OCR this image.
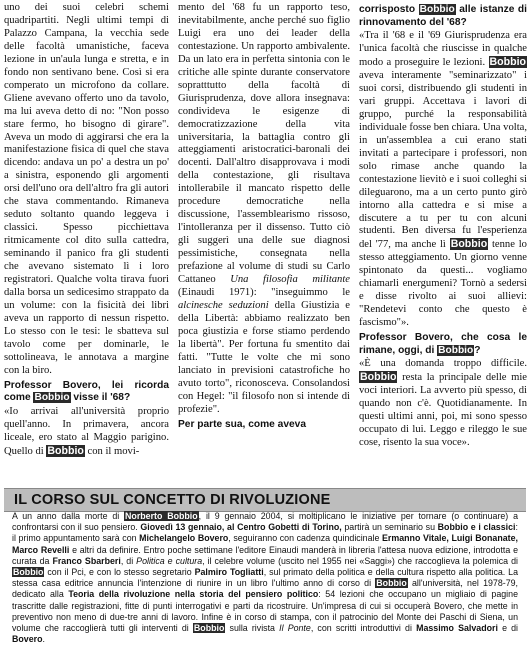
uno dei suoi celebri schemi quadripartiti. Negli ultimi tempi di Palazzo Campana, la vecchia sede delle facoltà umanistiche, faceva lezione in un'aula lunga e stretta, e in fondo non sentivano bene. Così si era comperato un microfono da collare. Gliene avevano offerto uno da tavolo, ma lui aveva detto di no: "Non posso stare fermo, ho bisogno di girare". Aveva un modo di aggirarsi che era la manifestazione fisica di quel che stava dicendo: andava un po' a destra un po' a sinistra, esponendo gli argomenti orsi dell'uno ora dell'altro fra gli autori che stava commentando. Rimaneva seduto soltanto quando leggeva i classici. Spesso picchiettava ritmicamente col dito sulla cattedra, seminando il panico fra gli studenti che avevano sistemato lì i loro registratori. Qualche volta tirava fuori dalla borsa un sedicesimo strappato da un volume: con la fisicità dei libri aveva un rapporto di nessun rispetto. Lo stesso con le tesi: le sbatteva sul tavolo come per dominarle, le sottolineava, le annotava a margine con la biro.

Professor Bovero, lei ricorda come Bobbio visse il '68?

«Io arrivai all'università proprio quell'anno. In primavera, ancora liceale, ero stato al Maggio parigino. Quello di Bobbio con il movi-

mento del '68 fu un rapporto teso, inevitabilmente, anche perché suo figlio Luigi era uno dei leader della contestazione. Un rapporto ambivalente. Da un lato era in perfetta sintonia con le critiche alle spinte durante conservatore sopratttutto della facoltà di Giurisprudenza, dove allora insegnava: condivideva le esigenze di democratizzazione della vita universitaria, la battaglia contro gli atteggiamenti aristocratici-baronali dei docenti. Dall'altro disapprovava i modi della contestazione, gli risultava intollerabile il mancato rispetto delle procedure democratiche nella discussione, l'assemblearismo rissoso, l'intolleranza per il dissenso. Tutto ciò gli suggerì una delle sue diagnosi pessimistiche, consegnata nella prefazione al volume di studi su Carlo Cattaneo Una filosofia militante (Einaudi 1971): "inseguimmo le alcinesche seduzioni della Giustizia e della Libertà: abbiamo realizzato ben poca giustizia e forse stiamo perdendo la libertà". Per fortuna fu smentito dai fatti. "Tutte le volte che mi sono lanciato in previsioni catastrofiche ho avuto torto", riconosceva. Consolandosi con Hegel: "il filosofo non si intende di profezie".

Per parte sua, come aveva

corrisposto Bobbio alle istanze di rinnovamento del '68?

«Tra il '68 e il '69 Giurisprudenza era l'unica facoltà che riuscisse in qualche modo a proseguire le lezioni. Bobbio aveva interamente "seminarizzato" i suoi corsi, distribuendo gli studenti in vari gruppi. Accettava i lavori di gruppo, purché la responsabilità individuale fosse ben chiara. Una volta, in un'assemblea a cui erano stati invitati a partecipare i professori, non solo rimase anche quando la contestazione lievitò e i suoi colleghi si dileguarono, ma a un certo punto girò intorno alla cattedra e si mise a discutere a tu per tu con alcuni studenti. Ben diversa fu l'esperienza del '77, ma anche lì Bobbio tenne lo stesso atteggiamento. Un giorno venne spintonato da questi... vogliamo chiamarli energumeni? Tornò a sedersi e disse rivolto ai suoi allievi: "Rendetevi conto che questo è fascismo"».

Professor Bovero, che cosa le rimane, oggi, di Bobbio?

«È una domanda troppo difficile. Bobbio resta la principale delle mie voci interiori. La avverto più spesso, di quando non c'è. Quotidianamente. In questi ultimi anni, poi, mi sono spesso occupato di lui. Leggo e rileggo le sue cose, risento la sua voce».

IL CORSO SUL CONCETTO DI RIVOLUZIONE
A un anno dalla morte di Norberto Bobbio, il 9 gennaio 2004, si moltiplicano le iniziative per tornare (o continuare) a confrontarsi con il suo pensiero. Giovedì 13 gennaio, al Centro Gobetti di Torino, partirà un seminario su Bobbio e i classici: il primo appuntamento sarà con Michelangelo Bovero, seguiranno con cadenza quindicinale Ermanno Vitale, Luigi Bonanate, Marco Revelli e altri da definire. Entro poche settimane l'editore Einaudi manderà in libreria l'attesa nuova edizione, introdotta e curata da Franco Sbarberi, di Politica e cultura, il celebre volume (uscito nel 1955 nei «Saggi») che raccoglieva la polemica di Bobbio con il Pci, e con lo stesso segretario Palmiro Togliatti, sul primato della politica e della cultura rispetto alla politica. La stessa casa editrice annuncia l'intenzione di riunire in un libro l'ultimo anno di corso di Bobbio all'università, nel 1978-79, dedicato alla Teoria della rivoluzione nella storia del pensiero politico: 54 lezioni che occupano un migliaio di pagine trascritte dalle registrazioni, fitte di punti interrogativi e parti da ricostruire. Un'impresa di cui si occuperà Bovero, che mette in preventivo non meno di due-tre anni di lavoro. Infine è in corso di stampa, con il patrocinio del Monte dei Paschi di Siena, un volume che raccoglierà tutti gli interventi di Bobbio sulla rivista Il Ponte, con scritti introduttivi di Massimo Salvadori e di Bovero.
